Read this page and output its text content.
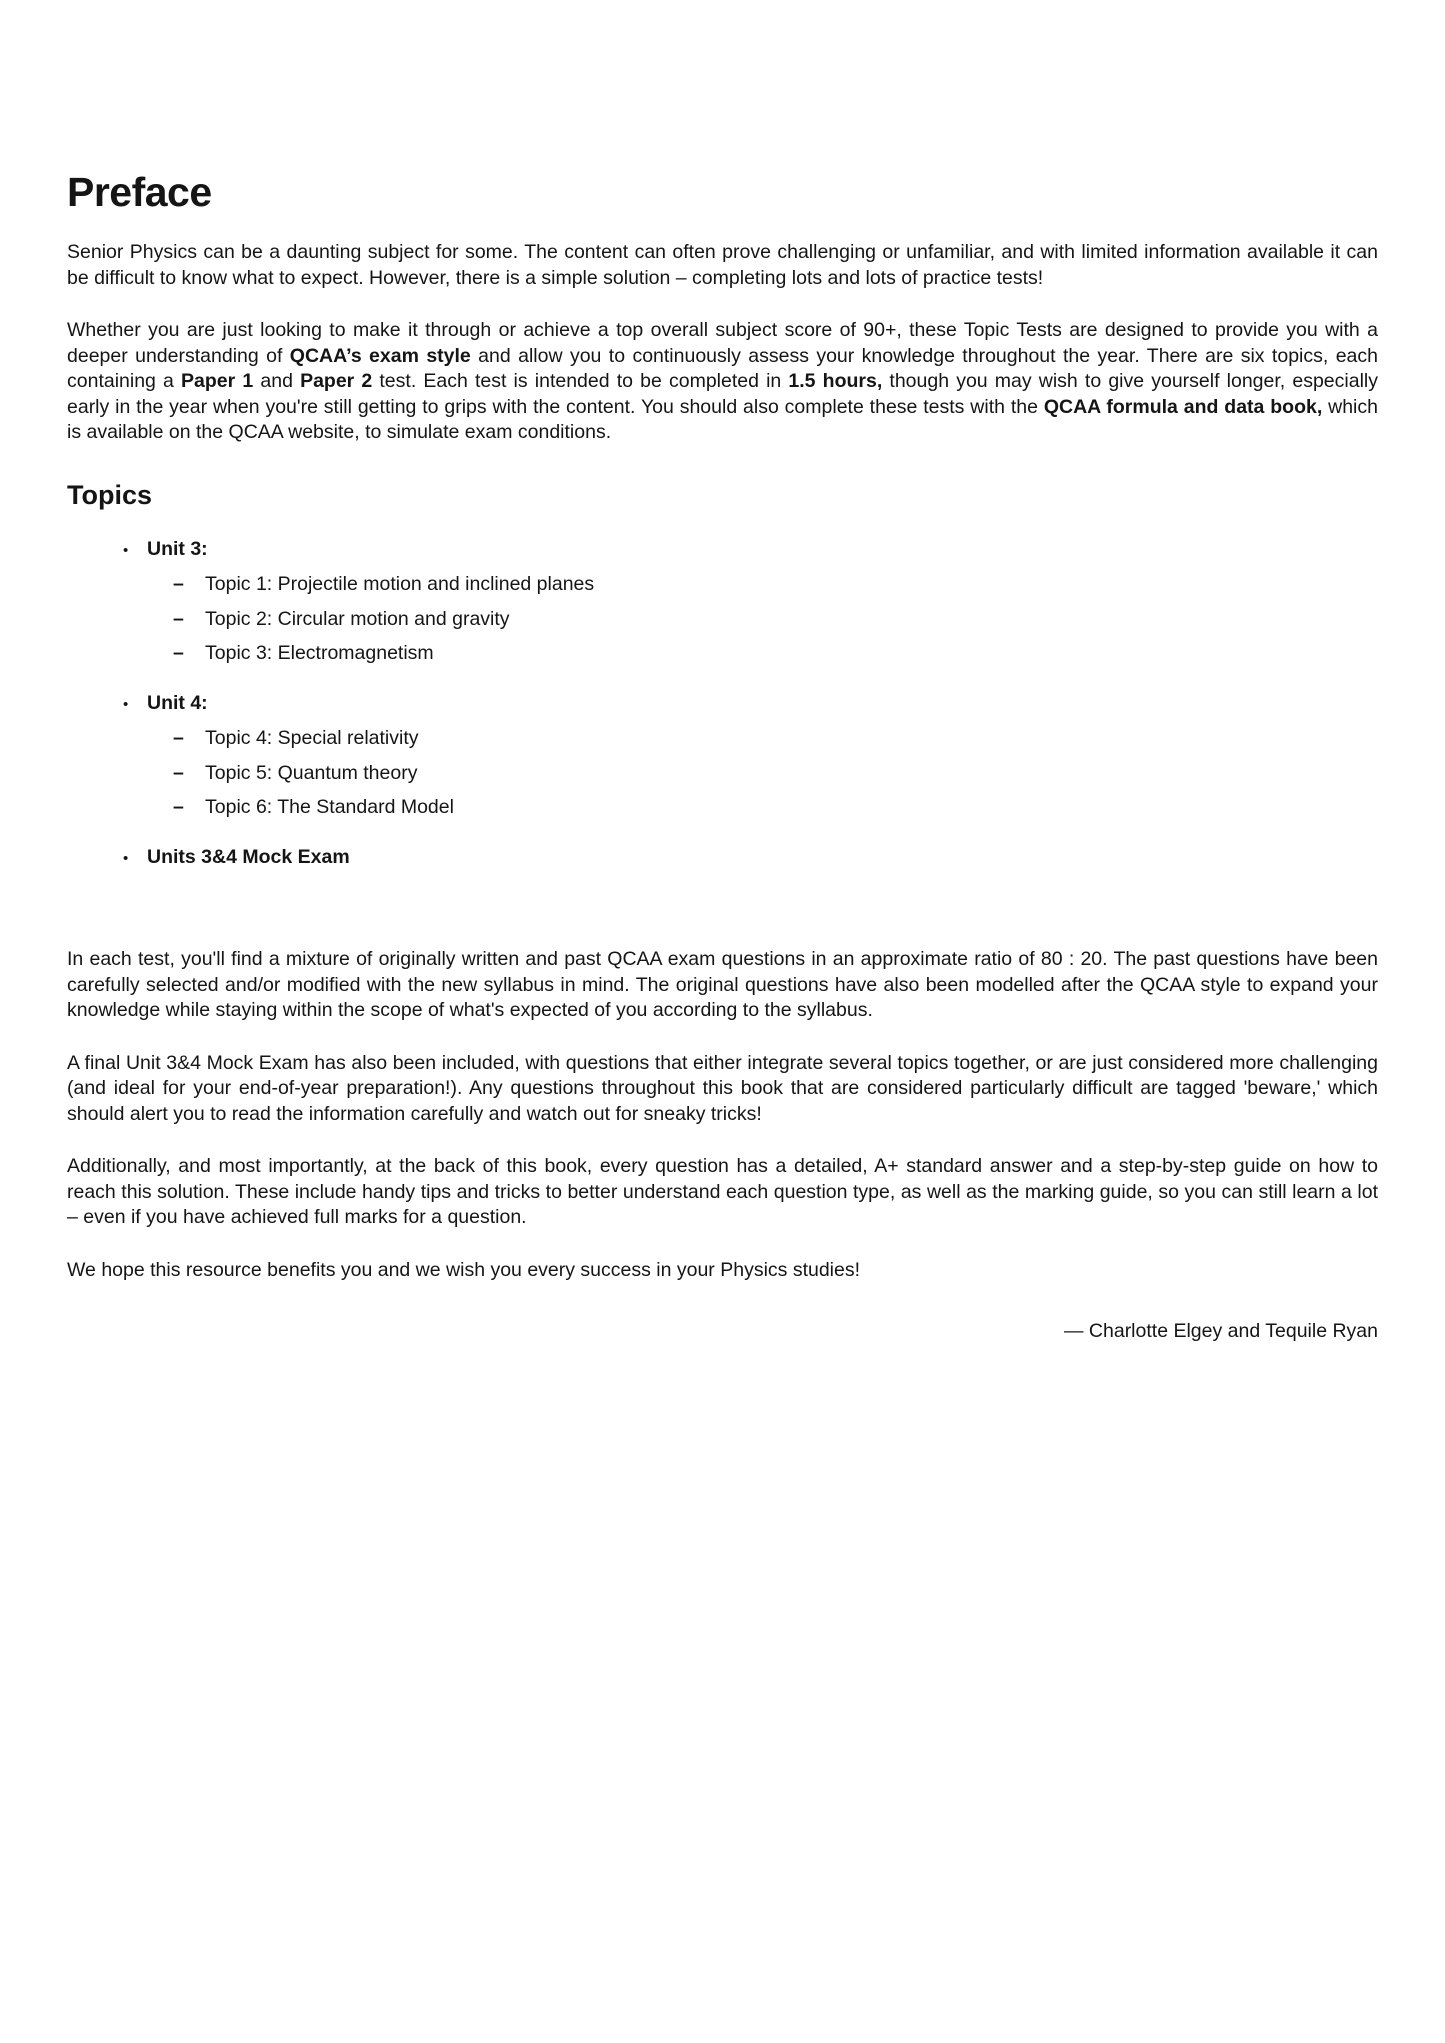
Preface

Senior Physics can be a daunting subject for some. The content can often prove challenging or unfamiliar, and with limited information available it can be difficult to know what to expect. However, there is a simple solution – completing lots and lots of practice tests!

Whether you are just looking to make it through or achieve a top overall subject score of 90+, these Topic Tests are designed to provide you with a deeper understanding of QCAA’s exam style and allow you to continuously assess your knowledge throughout the year. There are six topics, each containing a Paper 1 and Paper 2 test. Each test is intended to be completed in 1.5 hours, though you may wish to give yourself longer, especially early in the year when you're still getting to grips with the content. You should also complete these tests with the QCAA formula and data book, which is available on the QCAA website, to simulate exam conditions.

Topics
• Unit 3:
–	Topic 1: Projectile motion and inclined planes
–	Topic 2: Circular motion and gravity
–	Topic 3: Electromagnetism
• Unit 4:
–	Topic 4: Special relativity
–	Topic 5: Quantum theory
–	Topic 6: The Standard Model
• Units 3&4 Mock Exam

In each test, you'll find a mixture of originally written and past QCAA exam questions in an approximate ratio of 80 : 20. The past questions have been carefully selected and/or modified with the new syllabus in mind. The original questions have also been modelled after the QCAA style to expand your knowledge while staying within the scope of what's expected of you according to the syllabus.

A final Unit 3&4 Mock Exam has also been included, with questions that either integrate several topics together, or are just considered more challenging (and ideal for your end-of-year preparation!). Any questions throughout this book that are considered particularly difficult are tagged 'beware,' which should alert you to read the information carefully and watch out for sneaky tricks!

Additionally, and most importantly, at the back of this book, every question has a detailed, A+ standard answer and a step-by-step guide on how to reach this solution. These include handy tips and tricks to better understand each question type, as well as the marking guide, so you can still learn a lot – even if you have achieved full marks for a question.

We hope this resource benefits you and we wish you every success in your Physics studies!

— Charlotte Elgey and Tequile Ryan
